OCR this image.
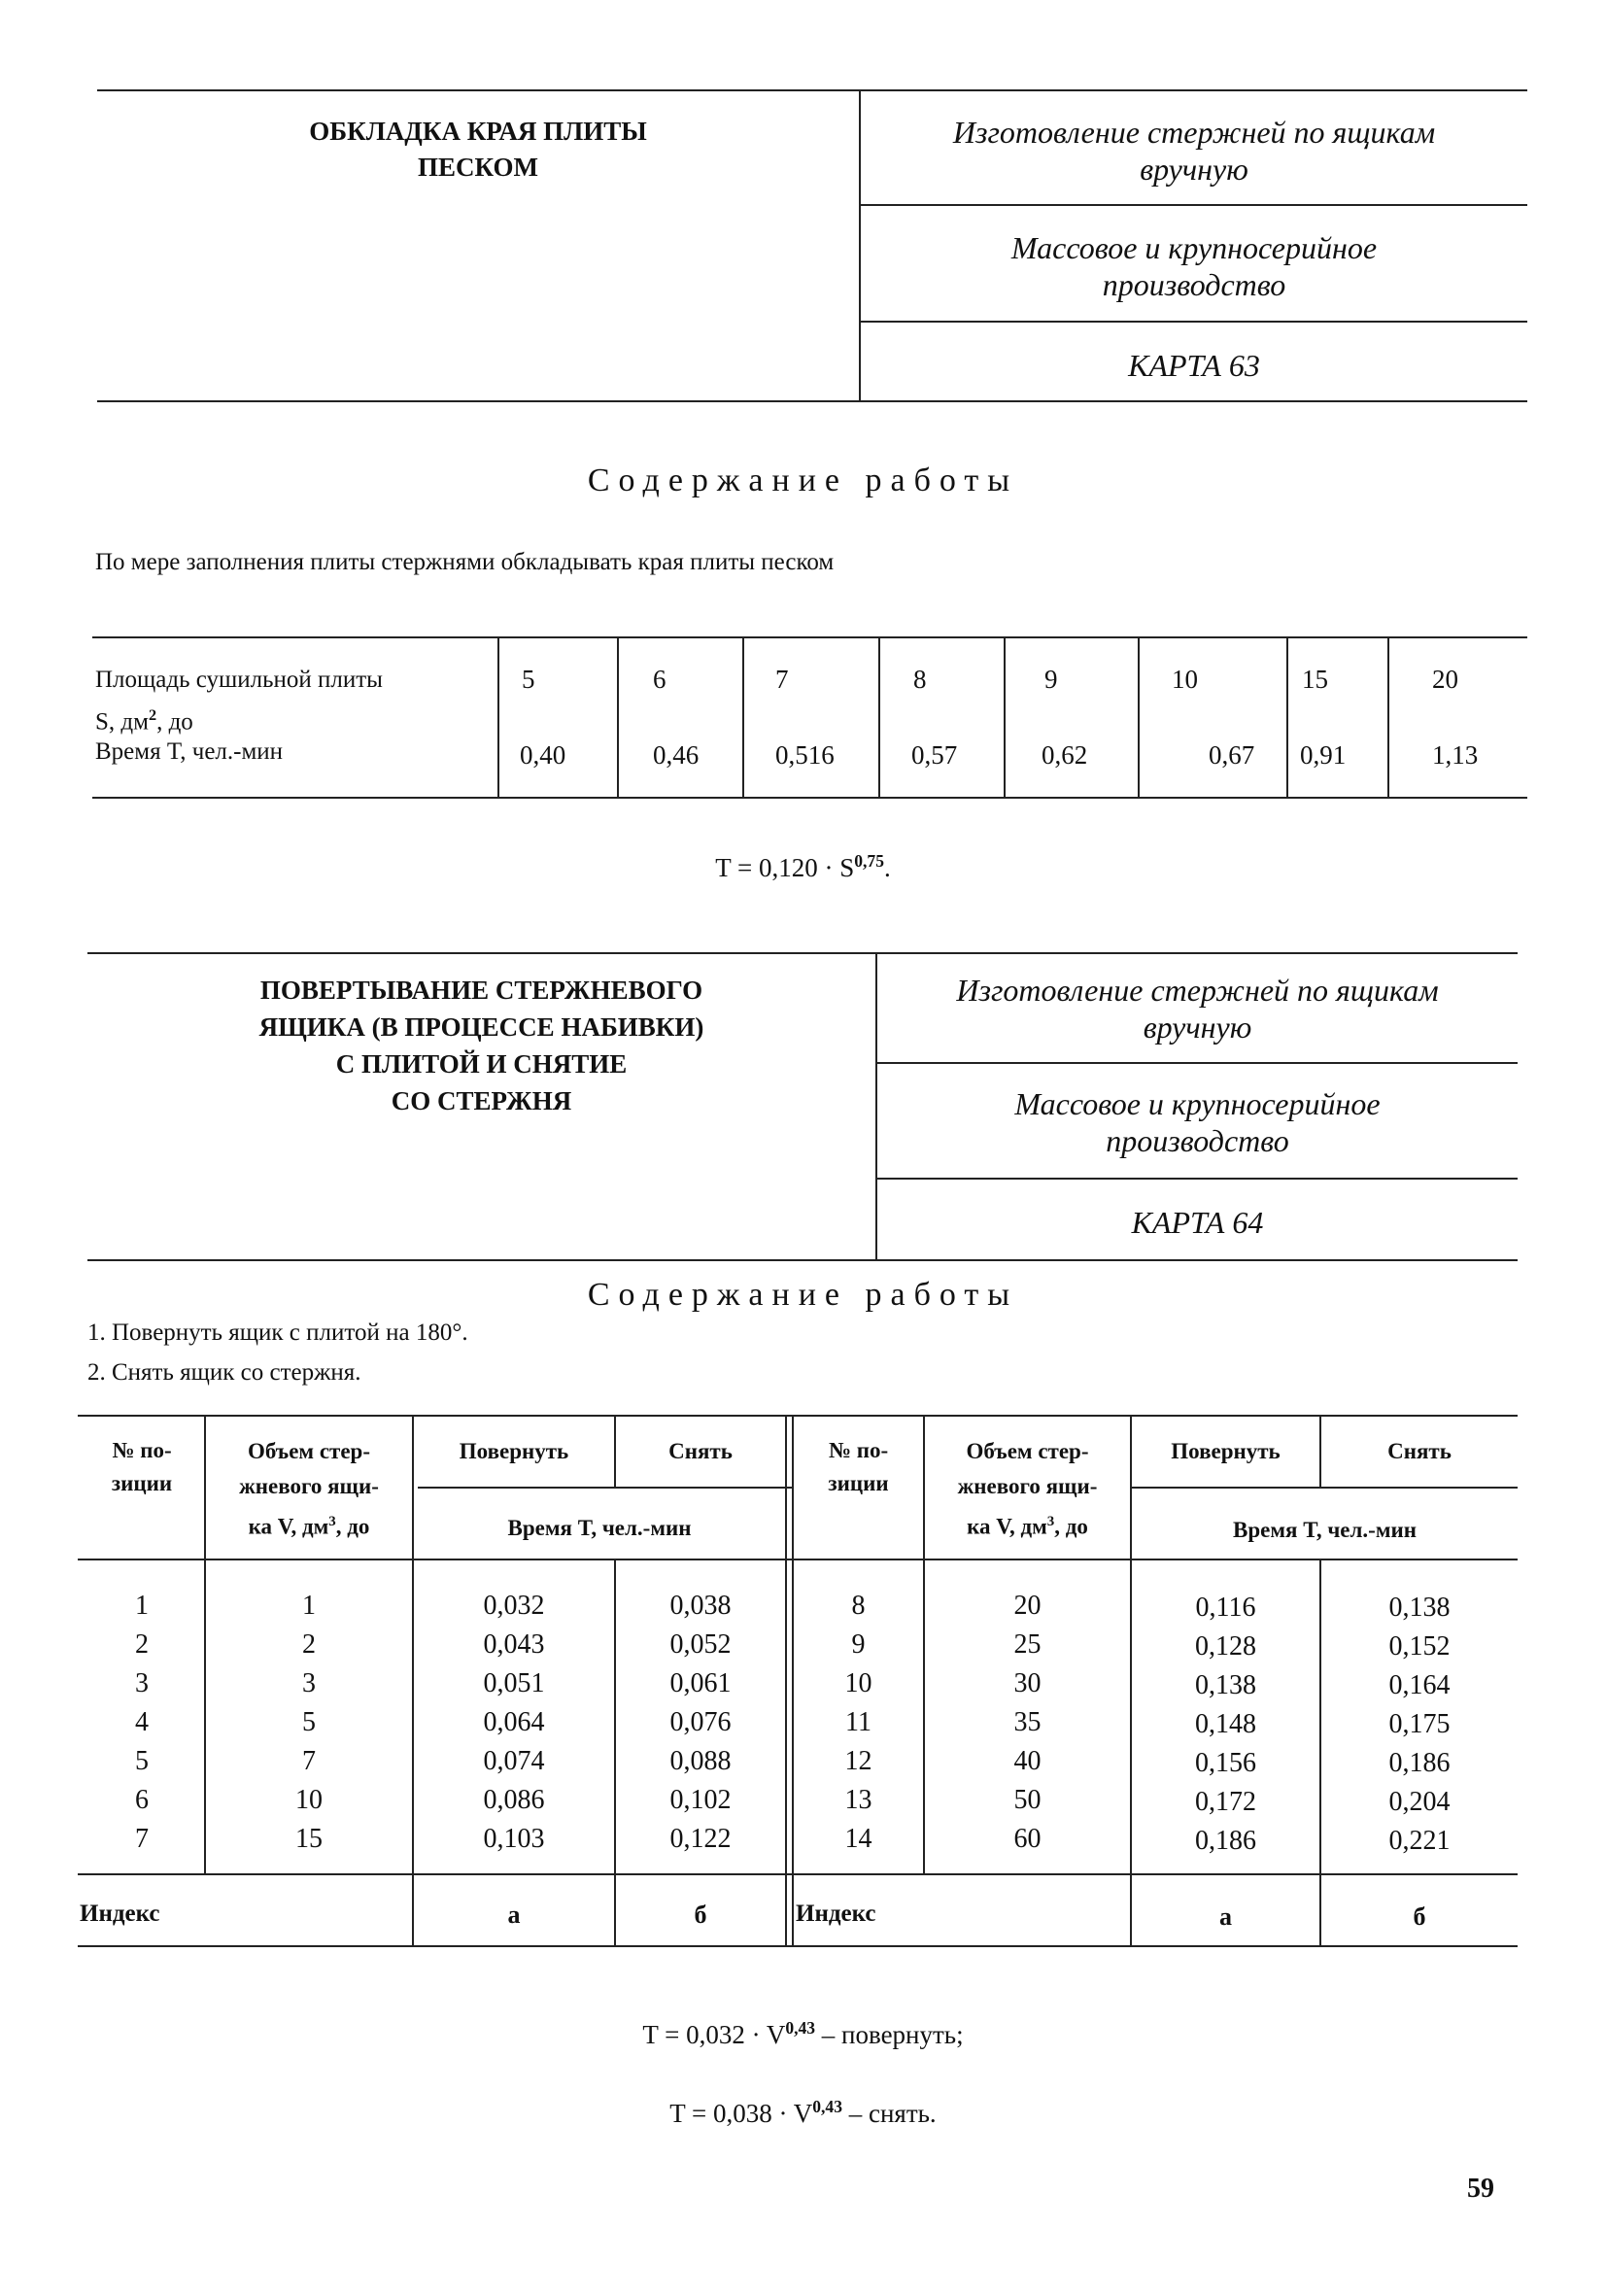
ОБКЛАДКА КРАЯ ПЛИТЫ
ПЕСКОМ
Изготовление стержней по ящикам
вручную
Массовое и крупносерийное
производство
КАРТА 63
Содержание работы
По мере заполнения плиты стержнями обкладывать края плиты песком
Площадь сушильной плиты
S, $дм^2$, до
Время T, чел.-мин
5	6	7	8	9	10	15	20
0,40	0,46	0,516	0,57	0,62	0,67 0,91	1,13
T = 0,120 · S$^{0,75}$.
ПОВЕРТЫВАНИЕ СТЕРЖНЕВОГО
ЯЩИКА (В ПРОЦЕССЕ НАБИВКИ)
С ПЛИТОЙ И СНЯТИЕ
СО СТЕРЖНЯ
Изготовление стержней по ящикам
вручную
Массовое и крупносерийное
производство
КАРТА 64
Содержание работы
1. Повернуть ящик с плитой на 180°.
2. Снять ящик со стержня.
№ по-
зиции
Объем стер-
жневого ящи-
ка V, $дм^3$, до
Повернуть	Снять
Время T, чел.-мин
№ по-
зиции
Объем стер-
жневого ящи-
ка V, $дм^3$, до
Повернуть	Снять
Время T, чел.-мин
1	1	0,032	0,038
2	2	0,043	0,052
3	3	0,051	0,061
4	5	0,064	0,076
5	7	0,074	0,088
6	10	0,086	0,102
7	15	0,103	0,122
8	20	0,116	0,138
9	25	0,128	0,152
10	30	0,138	0,164
11	35	0,148	0,175
12	40	0,156	0,186
13	50	0,172	0,204
14	60	0,186	0,221
Индекс	а	б	Индекс	а	б
T = 0,032 · V$^{0,43}$ – повернуть;
T = 0,038 · V$^{0,43}$ – снять.
59
